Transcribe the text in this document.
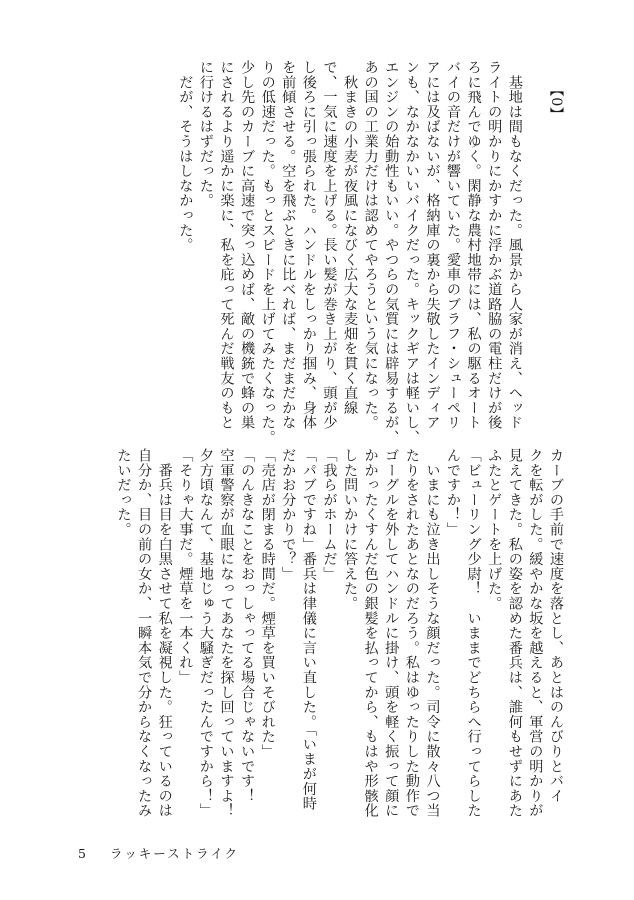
　　【0】

　基地は間もなくだった。風景から人家が消え、ヘッド
ライトの明かりにかすかに浮かぶ道路脇の電柱だけが後
ろに飛んでゆく。閑静な農村地帯には、私の駆るオート
バイの音だけが響いていた。愛車のブラフ・シューペリ
アには及ばないが、格納庫の裏から失敬したインディア
ンも、なかなかいいバイクだった。キックギアは軽いし、
エンジンの始動性もいい。やつらの気質には辟易するが、
あの国の工業力だけは認めてやろうという気になった。
　秋まきの小麦が夜風になびく広大な麦畑を貫く直線
で、一気に速度を上げる。長い髪が巻き上がり、頭が少
し後ろに引っ張られた。ハンドルをしっかり掴み、身体
を前傾させる。空を飛ぶときに比べれば、まだまだかな
りの低速だった。もっとスピードを上げてみたくなった。
少し先のカーブに高速で突っ込めば、敵の機銃で蜂の巣
にされるより遥かに楽に、私を庇って死んだ戦友のもと
に行けるはずだった。
　だが、そうはしなかった。
カーブの手前で速度を落とし、あとはのんびりとバイ
クを転がした。緩やかな坂を越えると、軍営の明かりが
見えてきた。私の姿を認めた番兵は、誰何もせずにあた
ふたとゲートを上げた。
「ビューリング少尉！　いままでどちらへ行ってらした
んですか！」
　いまにも泣き出しそうな顔だった。司令に散々八つ当
たりをされたあとなのだろう。私はゆったりした動作で
ゴーグルを外してハンドルに掛け、頭を軽く振って顔に
かかったくすんだ色の銀髪を払ってから、もはや形骸化
した問いかけに答えた。
「我らがホームだ」
「パブですね」番兵は律儀に言い直した。「いまが何時
だかお分かりで？」
「売店が閉まる時間だ。煙草を買いそびれた」
「のんきなことをおっしゃってる場合じゃないです！
空軍警察が血眼になってあなたを探し回っていますよ！
夕方頃なんて、基地じゅう大騒ぎだったんですから！」
「そりゃ大事だ。煙草を一本くれ」
　番兵は目を白黒させて私を凝視した。狂っているのは
自分か、目の前の女か、一瞬本気で分からなくなったみ
たいだった。
5 ラッキーストライク
